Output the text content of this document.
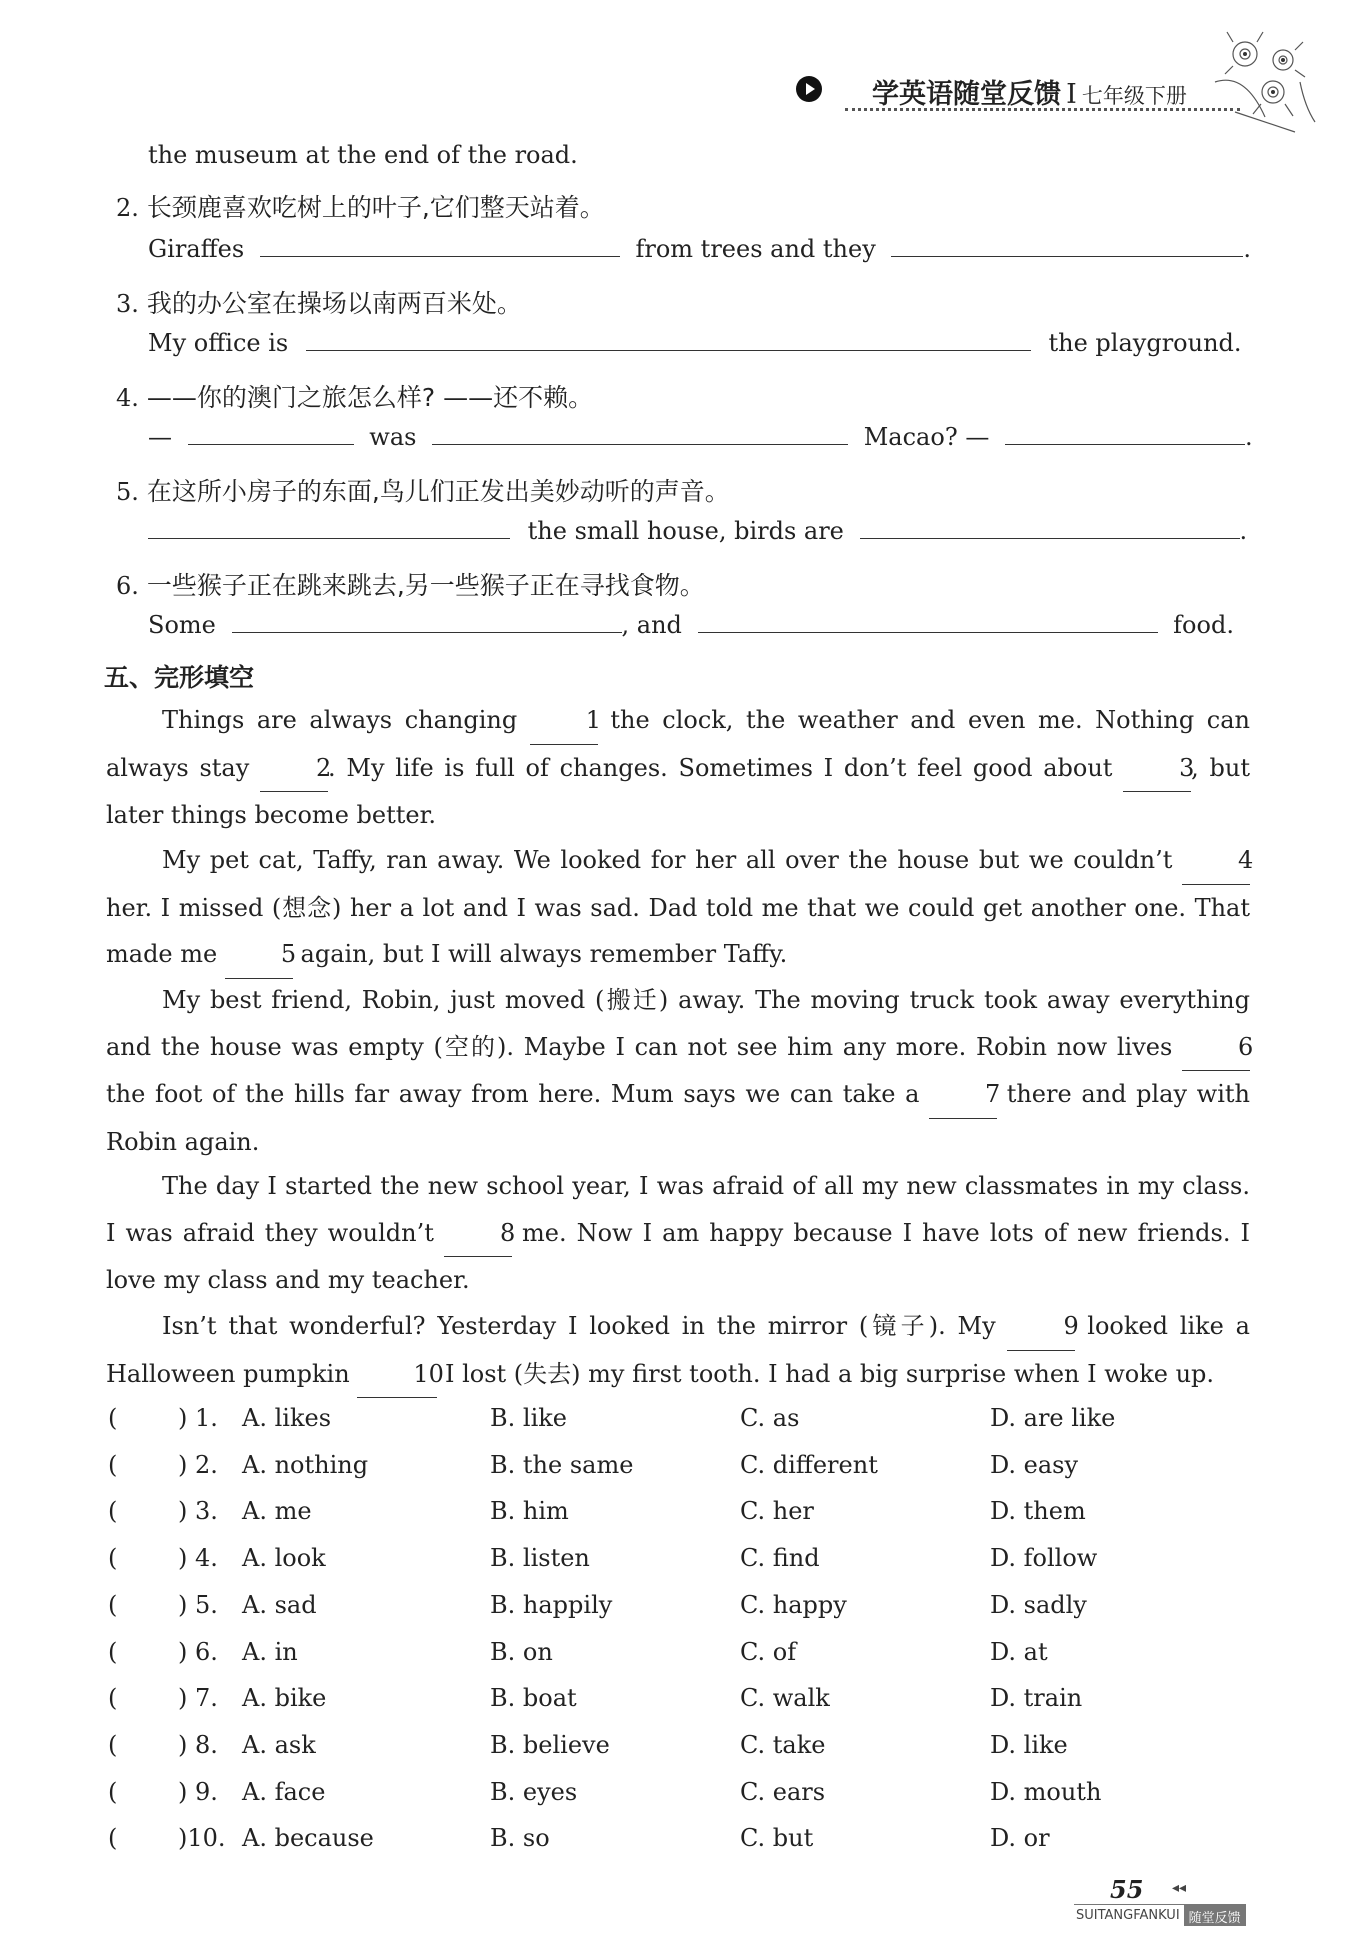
学英语随堂反馈 I 七年级下册
the museum at the end of the road.
2. 长颈鹿喜欢吃树上的叶子,它们整天站着。
Giraffes	from trees and they	.
3. 我的办公室在操场以南两百米处。
My office is	the playground.
4. ——你的澳门之旅怎么样? ——还不赖。
—	was	Macao? —	.
5. 在这所小房子的东面,鸟儿们正发出美妙动听的声音。
the small house, birds are	.
6. 一些猴子正在跳来跳去,另一些猴子正在寻找食物。
Some	, and	food.
五、完形填空
Things are always changing	1 the clock, the weather and even me. Nothing can always stay	2. My life is full of changes. Sometimes I don’t feel good about	3, but later things become better.
My pet cat, Taffy, ran away. We looked for her all over the house but we couldn’t	4 her. I missed (想念) her a lot and I was sad. Dad told me that we could get another one. That made me	5 again, but I will always remember Taffy.
My best friend, Robin, just moved (搬迁) away. The moving truck took away everything and the house was empty (空的). Maybe I can not see him any more. Robin now lives	6 the foot of the hills far away from here. Mum says we can take a	7 there and play with Robin again.
The day I started the new school year, I was afraid of all my new classmates in my class. I was afraid they wouldn’t	8 me. Now I am happy because I have lots of new friends. I love my class and my teacher.
Isn’t that wonderful? Yesterday I looked in the mirror (镜子). My	9 looked like a Halloween pumpkin	10 I lost (失去) my first tooth. I had a big surprise when I woke up.
(	) 1. A. likes	B. like	C. as	D. are like
(	) 2. A. nothing	B. the same	C. different	D. easy
(	) 3. A. me	B. him	C. her	D. them
(	) 4. A. look	B. listen	C. find	D. follow
(	) 5. A. sad	B. happily	C. happy	D. sadly
(	) 6. A. in	B. on	C. of	D. at
(	) 7. A. bike	B. boat	C. walk	D. train
(	) 8. A. ask	B. believe	C. take	D. like
(	) 9. A. face	B. eyes	C. ears	D. mouth
(	)10. A. because	B. so	C. but	D. or
55 ◂◂
SUITANGFANKUI 随堂反馈
